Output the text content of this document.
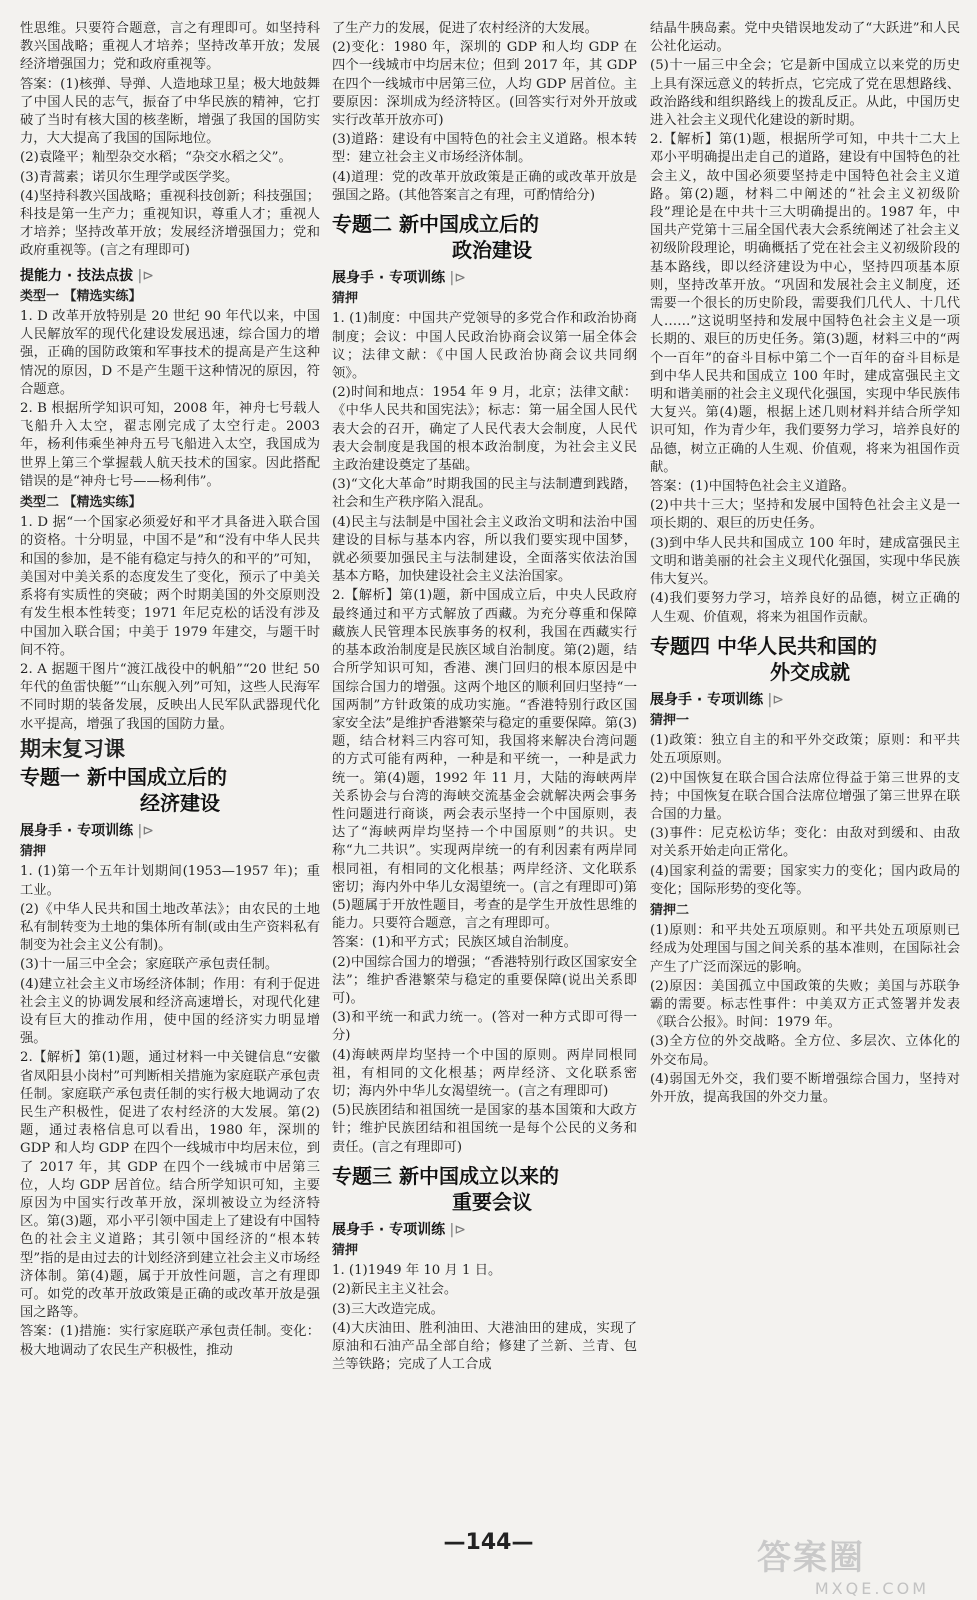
性思维。只要符合题意，言之有理即可。如坚持科教兴国战略；重视人才培养；坚持改革开放；发展经济增强国力；党和政府重视等。

答案：(1)核弹、导弹、人造地球卫星；极大地鼓舞了中国人民的志气，振奋了中华民族的精神，它打破了当时有核大国的核垄断，增强了我国的国防实力，大大提高了我国的国际地位。

(2)袁隆平；籼型杂交水稻；“杂交水稻之父”。

(3)青蒿素；诺贝尔生理学或医学奖。

(4)坚持科教兴国战略；重视科技创新；科技强国；科技是第一生产力；重视知识，尊重人才；重视人才培养；坚持改革开放；发展经济增强国力；党和政府重视等。(言之有理即可)

提能力 · 技法点拔 |⊳
类型一 【精选实练】

1. D 改革开放特别是 20 世纪 90 年代以来，中国人民解放军的现代化建设发展迅速，综合国力的增强，正确的国防政策和军事技术的提高是产生这种情况的原因，D 不是产生题干这种情况的原因，符合题意。

2. B 根据所学知识可知，2008 年，神舟七号载人飞船升入太空，翟志刚完成了太空行走。2003 年，杨利伟乘坐神舟五号飞船进入太空，我国成为世界上第三个掌握载人航天技术的国家。因此搭配错误的是“神舟七号——杨利伟”。

类型二 【精选实练】

1. D 据“一个国家必须爱好和平才具备进入联合国的资格。十分明显，中国不是”和“没有中华人民共和国的参加，是不能有稳定与持久的和平的”可知，美国对中美关系的态度发生了变化，预示了中美关系将有实质性的突破；两个时期美国的外交原则没有发生根本性转变；1971 年尼克松的话没有涉及中国加入联合国；中美于 1979 年建交，与题干时间不符。

2. A 据题干图片“渡江战役中的帆船”“20 世纪 50 年代的鱼雷快艇”“山东舰入列”可知，这些人民海军不同时期的装备发展，反映出人民军队武器现代化水平提高，增强了我国的国防力量。

期末复习课
专题一 新中国成立后的
经济建设
展身手 · 专项训练 |⊳
猜押

1. (1)第一个五年计划期间(1953—1957 年)；重工业。

(2)《中华人民共和国土地改革法》；由农民的土地私有制转变为土地的集体所有制(或由生产资料私有制变为社会主义公有制)。

(3)十一届三中全会；家庭联产承包责任制。

(4)建立社会主义市场经济体制；作用：有利于促进社会主义的协调发展和经济高速增长，对现代化建设有巨大的推动作用，使中国的经济实力明显增强。

2.【解析】第(1)题，通过材料一中关键信息“安徽省凤阳县小岗村”可判断相关措施为家庭联产承包责任制。家庭联产承包责任制的实行极大地调动了农民生产积极性，促进了农村经济的大发展。第(2)题，通过表格信息可以看出，1980 年，深圳的 GDP 和人均 GDP 在四个一线城市中均居末位，到了 2017 年，其 GDP 在四个一线城市中居第三位，人均 GDP 居首位。结合所学知识可知，主要原因为中国实行改革开放，深圳被设立为经济特区。第(3)题，邓小平引领中国走上了建设有中国特色的社会主义道路；其引领中国经济的“根本转型”指的是由过去的计划经济到建立社会主义市场经济体制。第(4)题，属于开放性问题，言之有理即可。如党的改革开放政策是正确的或改革开放是强国之路等。

答案：(1)措施：实行家庭联产承包责任制。变化：极大地调动了农民生产积极性，推动

了生产力的发展，促进了农村经济的大发展。

(2)变化：1980 年，深圳的 GDP 和人均 GDP 在四个一线城市中均居末位；但到 2017 年，其 GDP 在四个一线城市中居第三位，人均 GDP 居首位。主要原因：深圳成为经济特区。(回答实行对外开放或实行改革开放亦可)

(3)道路：建设有中国特色的社会主义道路。根本转型：建立社会主义市场经济体制。

(4)道理：党的改革开放政策是正确的或改革开放是强国之路。(其他答案言之有理，可酌情给分)

专题二 新中国成立后的
政治建设
展身手 · 专项训练 |⊳
猜押

1. (1)制度：中国共产党领导的多党合作和政治协商制度；会议：中国人民政治协商会议第一届全体会议；法律文献：《中国人民政治协商会议共同纲领》。

(2)时间和地点：1954 年 9 月，北京；法律文献：《中华人民共和国宪法》；标志：第一届全国人民代表大会的召开，确定了人民代表大会制度，人民代表大会制度是我国的根本政治制度，为社会主义民主政治建设奠定了基础。

(3)“文化大革命”时期我国的民主与法制遭到践踏，社会和生产秩序陷入混乱。

(4)民主与法制是中国社会主义政治文明和法治中国建设的目标与基本内容，所以我们要实现中国梦，就必须要加强民主与法制建设，全面落实依法治国基本方略，加快建设社会主义法治国家。

2.【解析】第(1)题，新中国成立后，中央人民政府最终通过和平方式解放了西藏。为充分尊重和保障藏族人民管理本民族事务的权利，我国在西藏实行的基本政治制度是民族区域自治制度。第(2)题，结合所学知识可知，香港、澳门回归的根本原因是中国综合国力的增强。这两个地区的顺利回归坚持“一国两制”方针政策的成功实施。“香港特别行政区国家安全法”是维护香港繁荣与稳定的重要保障。第(3)题，结合材料三内容可知，我国将来解决台湾问题的方式可能有两种，一种是和平统一，一种是武力统一。第(4)题，1992 年 11 月，大陆的海峡两岸关系协会与台湾的海峡交流基金会就解决两会事务性问题进行商谈，两会表示坚持一个中国原则，表达了“海峡两岸均坚持一个中国原则”的共识。史称“九二共识”。实现两岸统一的有利因素有两岸同根同祖，有相同的文化根基；两岸经济、文化联系密切；海内外中华儿女渴望统一。(言之有理即可)第(5)题属于开放性题目，考查的是学生开放性思维的能力。只要符合题意，言之有理即可。

答案：(1)和平方式；民族区域自治制度。

(2)中国综合国力的增强；“香港特别行政区国家安全法”；维护香港繁荣与稳定的重要保障(说出关系即可)。

(3)和平统一和武力统一。(答对一种方式即可得一分)

(4)海峡两岸均坚持一个中国的原则。两岸同根同祖，有相同的文化根基；两岸经济、文化联系密切；海内外中华儿女渴望统一。(言之有理即可)

(5)民族团结和祖国统一是国家的基本国策和大政方针；维护民族团结和祖国统一是每个公民的义务和责任。(言之有理即可)

专题三 新中国成立以来的
重要会议
展身手 · 专项训练 |⊳
猜押

1. (1)1949 年 10 月 1 日。

(2)新民主主义社会。

(3)三大改造完成。

(4)大庆油田、胜利油田、大港油田的建成，实现了原油和石油产品全部自给；修建了兰新、兰青、包兰等铁路；完成了人工合成

结晶牛胰岛素。党中央错误地发动了“大跃进”和人民公社化运动。

(5)十一届三中全会；它是新中国成立以来党的历史上具有深远意义的转折点，它完成了党在思想路线、政治路线和组织路线上的拨乱反正。从此，中国历史进入社会主义现代化建设的新时期。

2.【解析】第(1)题，根据所学可知，中共十二大上邓小平明确提出走自己的道路，建设有中国特色的社会主义，故中国必须要坚持走中国特色社会主义道路。第(2)题，材料二中阐述的“社会主义初级阶段”理论是在中共十三大明确提出的。1987 年，中国共产党第十三届全国代表大会系统阐述了社会主义初级阶段理论，明确概括了党在社会主义初级阶段的基本路线，即以经济建设为中心，坚持四项基本原则，坚持改革开放。“巩固和发展社会主义制度，还需要一个很长的历史阶段，需要我们几代人、十几代人……”这说明坚持和发展中国特色社会主义是一项长期的、艰巨的历史任务。第(3)题，材料三中的“两个一百年”的奋斗目标中第二个一百年的奋斗目标是到中华人民共和国成立 100 年时，建成富强民主文明和谐美丽的社会主义现代化强国，实现中华民族伟大复兴。第(4)题，根据上述几则材料并结合所学知识可知，作为青少年，我们要努力学习，培养良好的品德，树立正确的人生观、价值观，将来为祖国作贡献。

答案：(1)中国特色社会主义道路。

(2)中共十三大；坚持和发展中国特色社会主义是一项长期的、艰巨的历史任务。

(3)到中华人民共和国成立 100 年时，建成富强民主文明和谐美丽的社会主义现代化强国，实现中华民族伟大复兴。

(4)我们要努力学习，培养良好的品德，树立正确的人生观、价值观，将来为祖国作贡献。

专题四 中华人民共和国的
外交成就
展身手 · 专项训练 |⊳
猜押一

(1)政策：独立自主的和平外交政策；原则：和平共处五项原则。

(2)中国恢复在联合国合法席位得益于第三世界的支持；中国恢复在联合国合法席位增强了第三世界在联合国的力量。

(3)事件：尼克松访华；变化：由敌对到缓和、由敌对关系开始走向正常化。

(4)国家利益的需要；国家实力的变化；国内政局的变化；国际形势的变化等。

猜押二

(1)原则：和平共处五项原则。和平共处五项原则已经成为处理国与国之间关系的基本准则，在国际社会产生了广泛而深远的影响。

(2)原因：美国孤立中国政策的失败；美国与苏联争霸的需要。标志性事件：中美双方正式签署并发表《联合公报》。时间：1979 年。

(3)全方位的外交战略。全方位、多层次、立体化的外交布局。

(4)弱国无外交，我们要不断增强综合国力，坚持对外开放，提高我国的外交力量。

—144—	答案圈
MXQE.COM
